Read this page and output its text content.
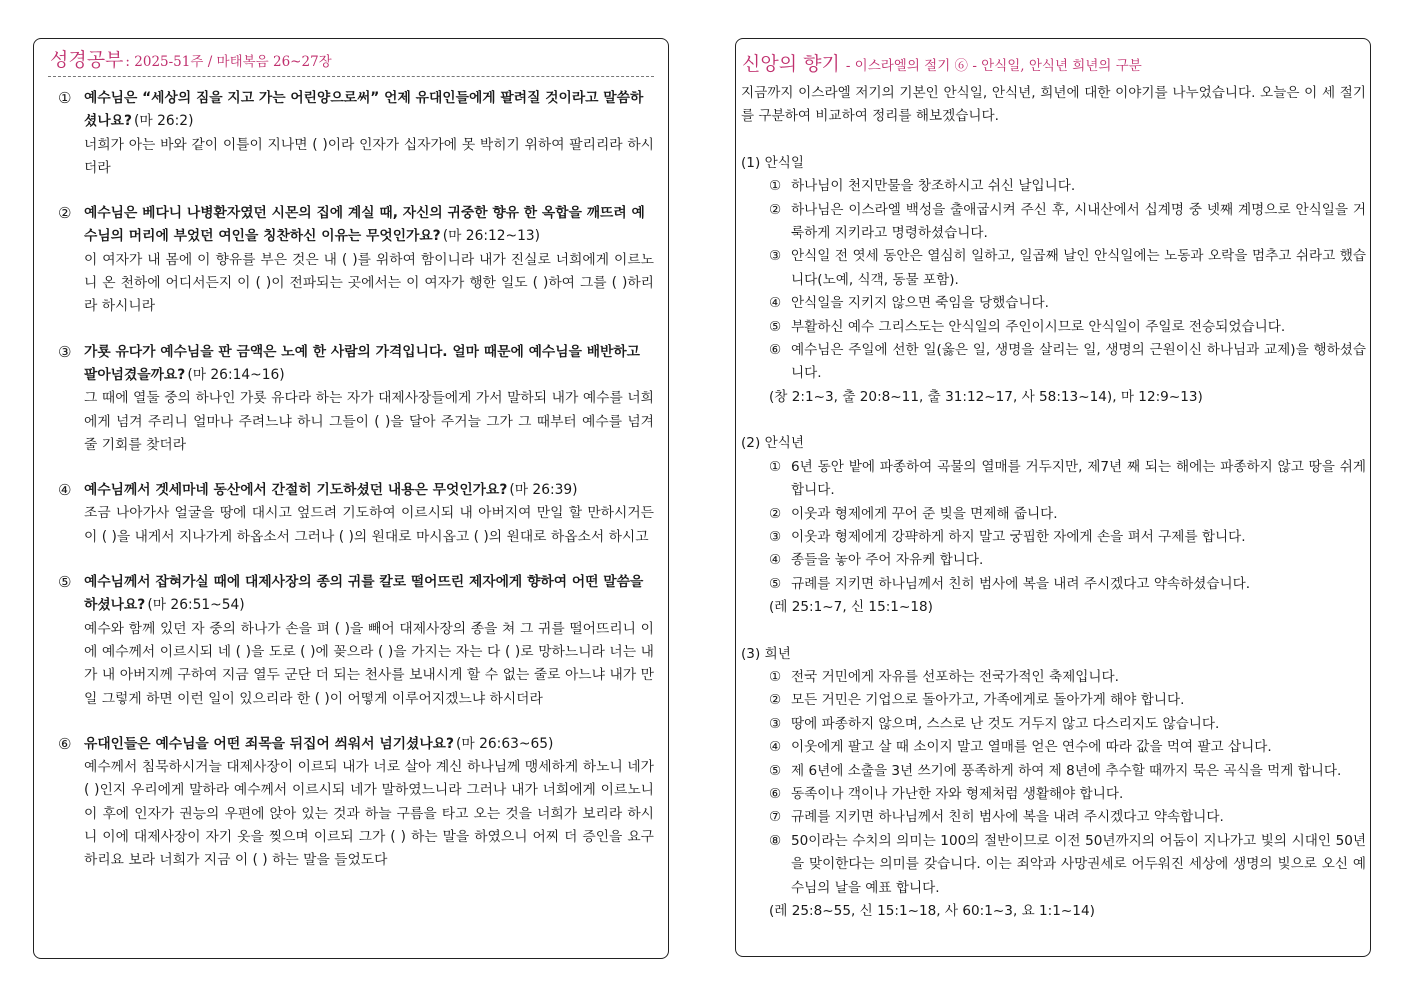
성경공부 : 2025-51주 / 마태복음 26~27장
① 예수님은 “세상의 짐을 지고 가는 어린양으로써” 언제 유대인들에게 팔려질 것이라고 말씀하셨나요? (마 26:2)
너희가 아는 바와 같이 이틀이 지나면 ( )이라 인자가 십자가에 못 박히기 위하여 팔리리라 하시더라
② 예수님은 베다니 나병환자였던 시몬의 집에 계실 때, 자신의 귀중한 향유 한 옥합을 깨뜨려 예수님의 머리에 부었던 여인을 칭찬하신 이유는 무엇인가요? (마 26:12~13)
이 여자가 내 몸에 이 향유를 부은 것은 내 ( )를 위하여 함이니라 내가 진실로 너희에게 이르노니 온 천하에 어디서든지 이 ( )이 전파되는 곳에서는 이 여자가 행한 일도 ( )하여 그를 ( )하리라 하시니라
③ 가룟 유다가 예수님을 판 금액은 노예 한 사람의 가격입니다. 얼마 때문에 예수님을 배반하고 팔아넘겼을까요? (마 26:14~16)
그 때에 열둘 중의 하나인 가룟 유다라 하는 자가 대제사장들에게 가서 말하되 내가 예수를 너희에게 넘겨 주리니 얼마나 주려느냐 하니 그들이 ( )을 달아 주거늘 그가 그 때부터 예수를 넘겨 줄 기회를 찾더라
④ 예수님께서 겟세마네 동산에서 간절히 기도하셨던 내용은 무엇인가요? (마 26:39)
조금 나아가사 얼굴을 땅에 대시고 엎드려 기도하여 이르시되 내 아버지여 만일 할 만하시거든 이 ( )을 내게서 지나가게 하옵소서 그러나 ( )의 원대로 마시옵고 ( )의 원대로 하옵소서 하시고
⑤ 예수님께서 잡혀가실 때에 대제사장의 종의 귀를 칼로 떨어뜨린 제자에게 향하여 어떤 말씀을 하셨나요? (마 26:51~54)
예수와 함께 있던 자 중의 하나가 손을 펴 ( )을 빼어 대제사장의 종을 쳐 그 귀를 떨어뜨리니 이에 예수께서 이르시되 네 ( )을 도로 ( )에 꽂으라 ( )을 가지는 자는 다 ( )로 망하느니라 너는 내가 내 아버지께 구하여 지금 열두 군단 더 되는 천사를 보내시게 할 수 없는 줄로 아느냐 내가 만일 그렇게 하면 이런 일이 있으리라 한 ( )이 어떻게 이루어지겠느냐 하시더라
⑥ 유대인들은 예수님을 어떤 죄목을 뒤집어 씌워서 넘기셨나요? (마 26:63~65)
예수께서 침묵하시거늘 대제사장이 이르되 내가 너로 살아 계신 하나님께 맹세하게 하노니 네가 ( )인지 우리에게 말하라 예수께서 이르시되 네가 말하였느니라 그러나 내가 너희에게 이르노니 이 후에 인자가 권능의 우편에 앉아 있는 것과 하늘 구름을 타고 오는 것을 너희가 보리라 하시니 이에 대제사장이 자기 옷을 찢으며 이르되 그가 ( ) 하는 말을 하였으니 어찌 더 증인을 요구하리요 보라 너희가 지금 이 ( ) 하는 말을 들었도다
신앙의 향기 - 이스라엘의 절기 ⑥ - 안식일, 안식년 희년의 구분
지금까지 이스라엘 저기의 기본인 안식일, 안식년, 희년에 대한 이야기를 나누었습니다. 오늘은 이 세 절기를 구분하여 비교하여 정리를 해보겠습니다.
(1) 안식일
① 하나님이 천지만물을 창조하시고 쉬신 날입니다.
② 하나님은 이스라엘 백성을 출애굽시켜 주신 후, 시내산에서 십계명 중 넷째 계명으로 안식일을 거룩하게 지키라고 명령하셨습니다.
③ 안식일 전 엿세 동안은 열심히 일하고, 일곱째 날인 안식일에는 노동과 오락을 멈추고 쉬라고 했습니다(노예, 식객, 동물 포함).
④ 안식일을 지키지 않으면 죽임을 당했습니다.
⑤ 부활하신 예수 그리스도는 안식일의 주인이시므로 안식일이 주일로 전승되었습니다.
⑥ 예수님은 주일에 선한 일(옳은 일, 생명을 살리는 일, 생명의 근원이신 하나님과 교제)을 행하셨습니다.
(창 2:1~3, 출 20:8~11, 출 31:12~17, 사 58:13~14), 마 12:9~13)
(2) 안식년
① 6년 동안 밭에 파종하여 곡물의 열매를 거두지만, 제7년 째 되는 해에는 파종하지 않고 땅을 쉬게 합니다.
② 이웃과 형제에게 꾸어 준 빚을 면제해 줍니다.
③ 이웃과 형제에게 강퍅하게 하지 말고 궁핍한 자에게 손을 펴서 구제를 합니다.
④ 종들을 놓아 주어 자유케 합니다.
⑤ 규례를 지키면 하나님께서 친히 범사에 복을 내려 주시겠다고 약속하셨습니다.
(레 25:1~7, 신 15:1~18)
(3) 희년
① 전국 거민에게 자유를 선포하는 전국가적인 축제입니다.
② 모든 거민은 기업으로 돌아가고, 가족에게로 돌아가게 해야 합니다.
③ 땅에 파종하지 않으며, 스스로 난 것도 거두지 않고 다스리지도 않습니다.
④ 이웃에게 팔고 살 때 소이지 말고 열매를 얻은 연수에 따라 값을 먹여 팔고 삽니다.
⑤ 제 6년에 소출을 3년 쓰기에 풍족하게 하여 제 8년에 추수할 때까지 묵은 곡식을 먹게 합니다.
⑥ 동족이나 객이나 가난한 자와 형제처럼 생활해야 합니다.
⑦ 규례를 지키면 하나님께서 친히 범사에 복을 내려 주시겠다고 약속합니다.
⑧ 50이라는 수치의 의미는 100의 절반이므로 이전 50년까지의 어둠이 지나가고 빛의 시대인 50년을 맞이한다는 의미를 갖습니다. 이는 죄악과 사망권세로 어두워진 세상에 생명의 빛으로 오신 예수님의 날을 예표 합니다.
(레 25:8~55, 신 15:1~18, 사 60:1~3, 요 1:1~14)
